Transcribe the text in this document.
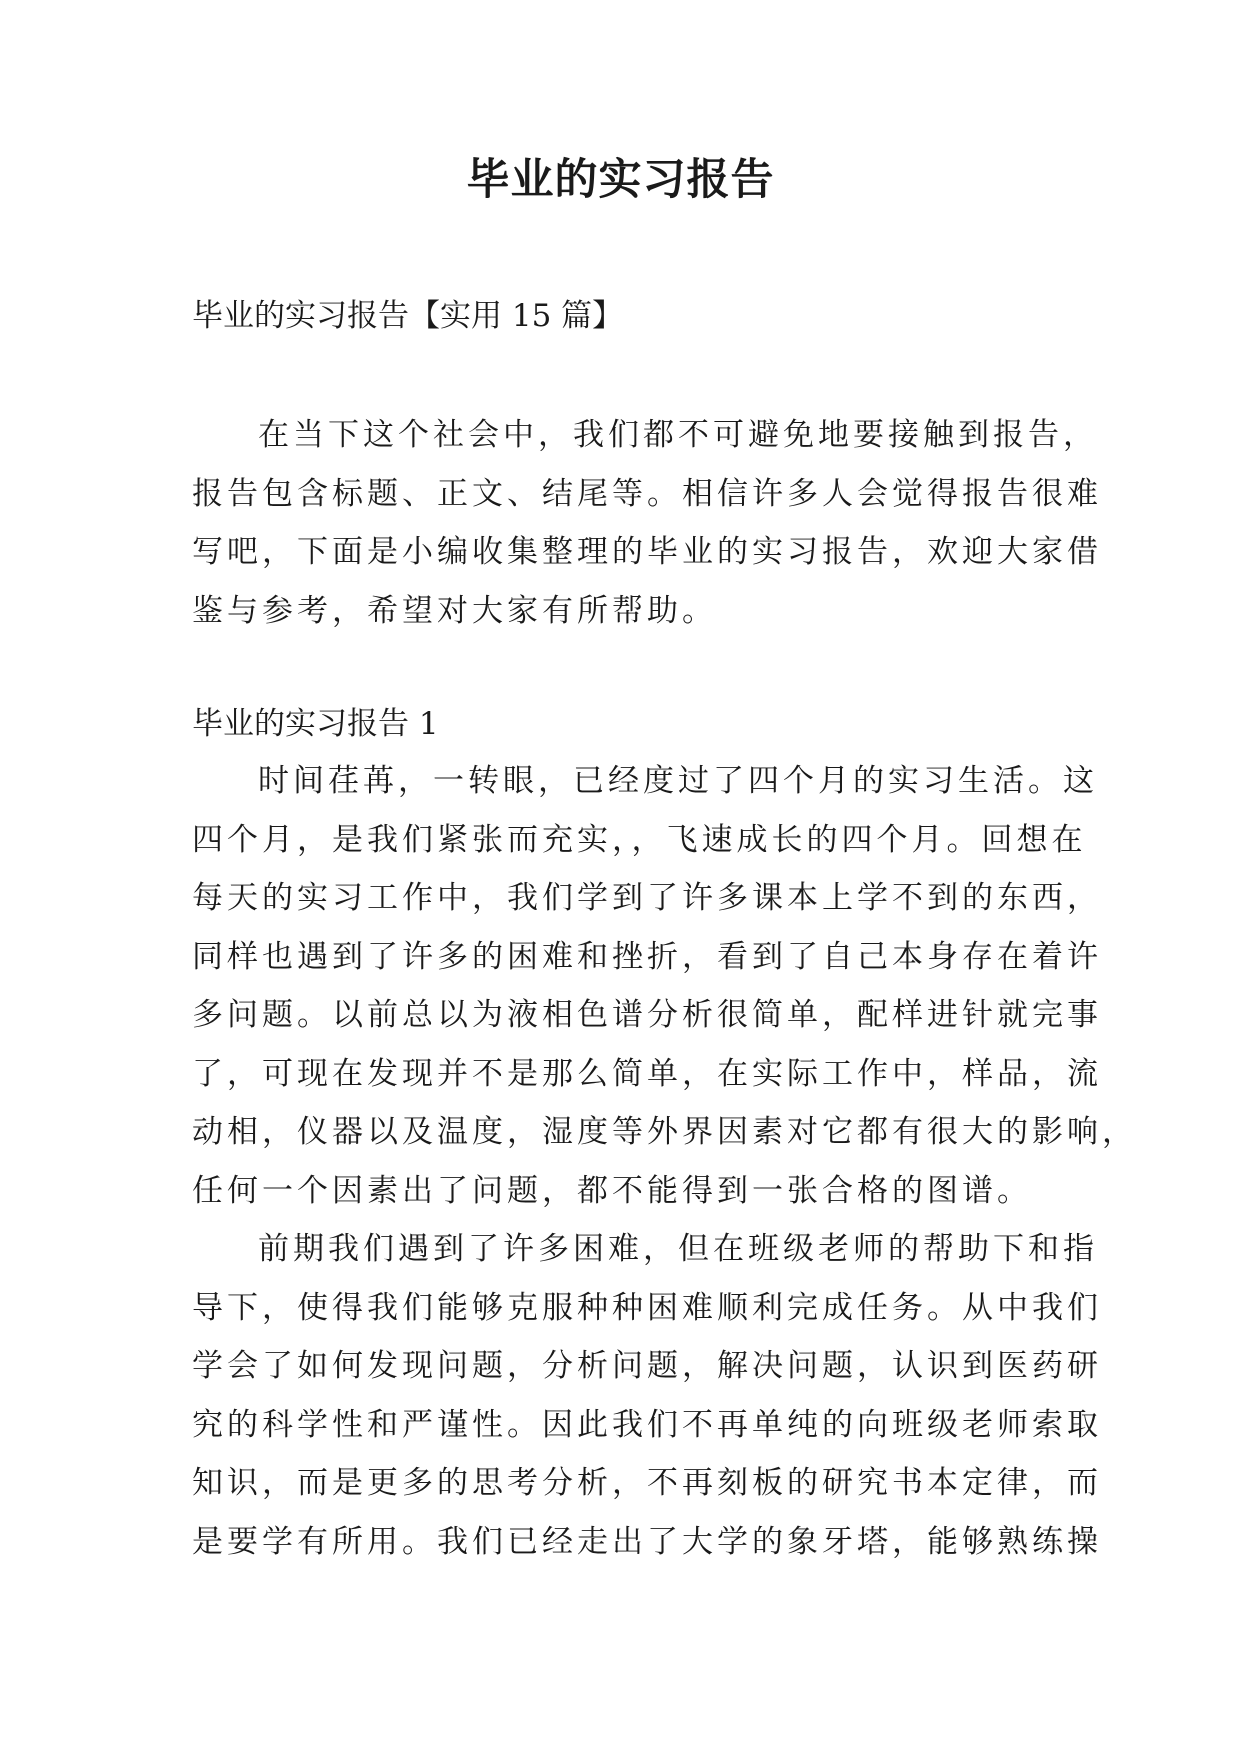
毕业的实习报告

毕业的实习报告【实用 15 篇】

在当下这个社会中，我们都不可避免地要接触到报告，
报告包含标题、正文、结尾等。相信许多人会觉得报告很难
写吧，下面是小编收集整理的毕业的实习报告，欢迎大家借
鉴与参考，希望对大家有所帮助。

毕业的实习报告 1

时间荏苒，一转眼，已经度过了四个月的实习生活。这
四个月，是我们紧张而充实，，飞速成长的四个月。回想在
每天的实习工作中，我们学到了许多课本上学不到的东西，
同样也遇到了许多的困难和挫折，看到了自己本身存在着许
多问题。以前总以为液相色谱分析很简单，配样进针就完事
了，可现在发现并不是那么简单，在实际工作中，样品，流
动相，仪器以及温度，湿度等外界因素对它都有很大的影响，
任何一个因素出了问题，都不能得到一张合格的图谱。
前期我们遇到了许多困难，但在班级老师的帮助下和指
导下，使得我们能够克服种种困难顺利完成任务。从中我们
学会了如何发现问题，分析问题，解决问题，认识到医药研
究的科学性和严谨性。因此我们不再单纯的向班级老师索取
知识，而是更多的思考分析，不再刻板的研究书本定律，而
是要学有所用。我们已经走出了大学的象牙塔，能够熟练操
